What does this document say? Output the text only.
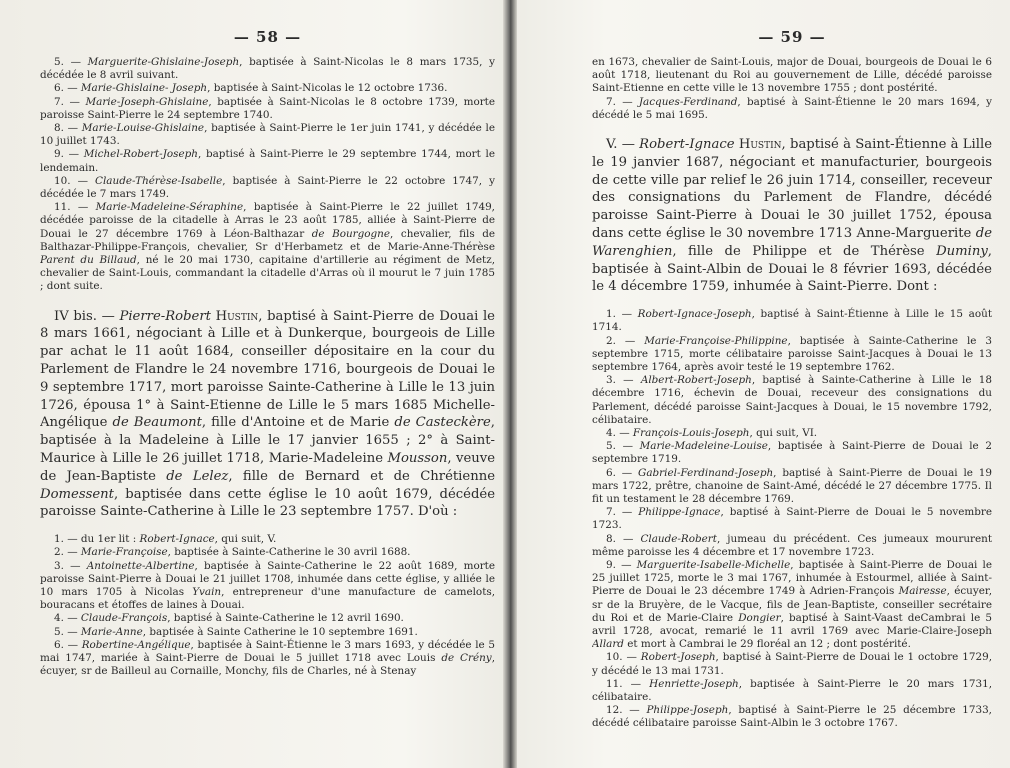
— 58 —
5. — Marguerite-Ghislaine-Joseph, baptisée à Saint-Nicolas le 8 mars 1735, y décédée le 8 avril suivant.
6. — Marie-Ghislaine- Joseph, baptisée à Saint-Nicolas le 12 octobre 1736.
7. — Marie-Joseph-Ghislaine, baptisée à Saint-Nicolas le 8 octobre 1739, morte paroisse Saint-Pierre le 24 septembre 1740.
8. — Marie-Louise-Ghislaine, baptisée à Saint-Pierre le 1er juin 1741, y décédée le 10 juillet 1743.
9. — Michel-Robert-Joseph, baptisé à Saint-Pierre le 29 septembre 1744, mort le lendemain.
10. — Claude-Thérèse-Isabelle, baptisée à Saint-Pierre le 22 octobre 1747, y décédée le 7 mars 1749.
11. — Marie-Madeleine-Séraphine, baptisée à Saint-Pierre le 22 juillet 1749, décédée paroisse de la citadelle à Arras le 23 août 1785, alliée à Saint-Pierre de Douai le 27 décembre 1769 à Léon-Balthazar de Bourgogne, chevalier, fils de Balthazar-Philippe-François, chevalier, Sr d'Herbametz et de Marie-Anne-Thérèse Parent du Billaud, né le 20 mai 1730, capitaine d'artillerie au régiment de Metz, chevalier de Saint-Louis, commandant la citadelle d'Arras où il mourut le 7 juin 1785 ; dont suite.
IV bis. — Pierre-Robert Hustin, baptisé à Saint-Pierre de Douai le 8 mars 1661, négociant à Lille et à Dunkerque, bourgeois de Lille par achat le 11 août 1684, conseiller dépositaire en la cour du Parlement de Flandre le 24 novembre 1716, bourgeois de Douai le 9 septembre 1717, mort paroisse Sainte-Catherine à Lille le 13 juin 1726, épousa 1° à Saint-Etienne de Lille le 5 mars 1685 Michelle-Angélique de Beaumont, fille d'Antoine et de Marie de Casteckère, baptisée à la Madeleine à Lille le 17 janvier 1655 ; 2° à Saint-Maurice à Lille le 26 juillet 1718, Marie-Madeleine Mousson, veuve de Jean-Baptiste de Lelez, fille de Bernard et de Chrétienne Domessent, baptisée dans cette église le 10 août 1679, décédée paroisse Sainte-Catherine à Lille le 23 septembre 1757. D'où :
1. — du 1er lit : Robert-Ignace, qui suit, V.
2. — Marie-Françoise, baptisée à Sainte-Catherine le 30 avril 1688.
3. — Antoinette-Albertine, baptisée à Sainte-Catherine le 22 août 1689, morte paroisse Saint-Pierre à Douai le 21 juillet 1708, inhumée dans cette église, y alliée le 10 mars 1705 à Nicolas Yvain, entrepreneur d'une manufacture de camelots, bouracans et étoffes de laines à Douai.
4. — Claude-François, baptisé à Sainte-Catherine le 12 avril 1690.
5. — Marie-Anne, baptisée à Sainte Catherine le 10 septembre 1691.
6. — Robertine-Angélique, baptisée à Saint-Étienne le 3 mars 1693, y décédée le 5 mai 1747, mariée à Saint-Pierre de Douai le 5 juillet 1718 avec Louis de Crény, écuyer, sr de Bailleul au Cornaille, Monchy, fils de Charles, né à Stenay
— 59 —
en 1673, chevalier de Saint-Louis, major de Douai, bourgeois de Douai le 6 août 1718, lieutenant du Roi au gouvernement de Lille, décédé paroisse Saint-Etienne en cette ville le 13 novembre 1755 ; dont postérité.
7. — Jacques-Ferdinand, baptisé à Saint-Étienne le 20 mars 1694, y décédé le 5 mai 1695.
V. — Robert-Ignace Hustin, baptisé à Saint-Étienne à Lille le 19 janvier 1687, négociant et manufacturier, bourgeois de cette ville par relief le 26 juin 1714, conseiller, receveur des consignations du Parlement de Flandre, décédé paroisse Saint-Pierre à Douai le 30 juillet 1752, épousa dans cette église le 30 novembre 1713 Anne-Marguerite de Warenghien, fille de Philippe et de Thérèse Duminy, baptisée à Saint-Albin de Douai le 8 février 1693, décédée le 4 décembre 1759, inhumée à Saint-Pierre. Dont :
1. — Robert-Ignace-Joseph, baptisé à Saint-Étienne à Lille le 15 août 1714.
2. — Marie-Françoise-Philippine, baptisée à Sainte-Catherine le 3 septembre 1715, morte célibataire paroisse Saint-Jacques à Douai le 13 septembre 1764, après avoir testé le 19 septembre 1762.
3. — Albert-Robert-Joseph, baptisé à Sainte-Catherine à Lille le 18 décembre 1716, échevin de Douai, receveur des consignations du Parlement, décédé paroisse Saint-Jacques à Douai, le 15 novembre 1792, célibataire.
4. — François-Louis-Joseph, qui suit, VI.
5. — Marie-Madeleine-Louise, baptisée à Saint-Pierre de Douai le 2 septembre 1719.
6. — Gabriel-Ferdinand-Joseph, baptisé à Saint-Pierre de Douai le 19 mars 1722, prêtre, chanoine de Saint-Amé, décédé le 27 décembre 1775. Il fit un testament le 28 décembre 1769.
7. — Philippe-Ignace, baptisé à Saint-Pierre de Douai le 5 novembre 1723.
8. — Claude-Robert, jumeau du précédent. Ces jumeaux moururent même paroisse les 4 décembre et 17 novembre 1723.
9. — Marguerite-Isabelle-Michelle, baptisée à Saint-Pierre de Douai le 25 juillet 1725, morte le 3 mai 1767, inhumée à Estourmel, alliée à Saint-Pierre de Douai le 23 décembre 1749 à Adrien-François Mairesse, écuyer, sr de la Bruyère, de le Vacque, fils de Jean-Baptiste, conseiller secrétaire du Roi et de Marie-Claire Dongier, baptisé à Saint-Vaast deCambrai le 5 avril 1728, avocat, remarié le 11 avril 1769 avec Marie-Claire-Joseph Allard et mort à Cambrai le 29 floréal an 12 ; dont postérité.
10. — Robert-Joseph, baptisé à Saint-Pierre de Douai le 1 octobre 1729, y décédé le 13 mai 1731.
11. — Henriette-Joseph, baptisée à Saint-Pierre le 20 mars 1731, célibataire.
12. — Philippe-Joseph, baptisé à Saint-Pierre le 25 décembre 1733, décédé célibataire paroisse Saint-Albin le 3 octobre 1767.
